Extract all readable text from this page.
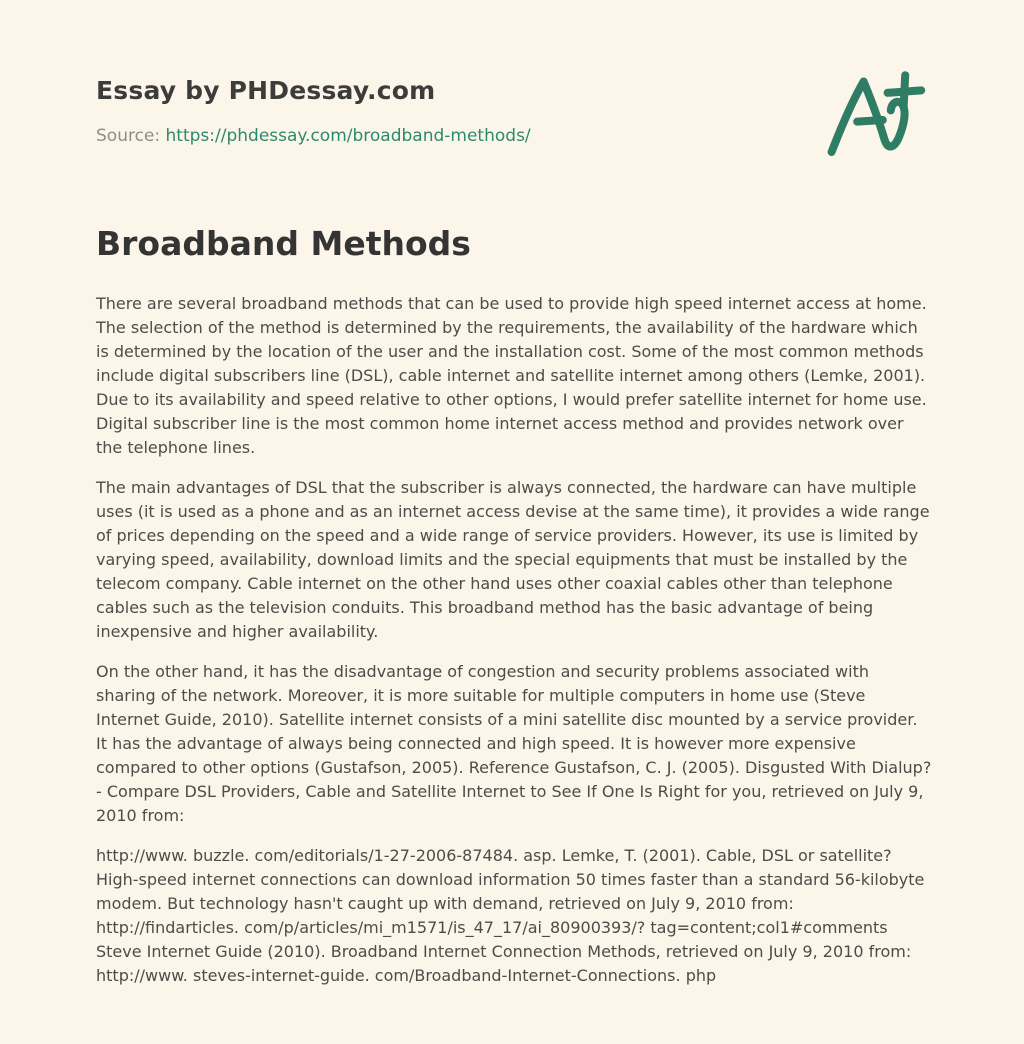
Essay by PHDessay.com
Source: https://phdessay.com/broadband-methods/
Broadband Methods

There are several broadband methods that can be used to provide high speed internet access at home. The selection of the method is determined by the requirements, the availability of the hardware which is determined by the location of the user and the installation cost. Some of the most common methods include digital subscribers line (DSL), cable internet and satellite internet among others (Lemke, 2001). Due to its availability and speed relative to other options, I would prefer satellite internet for home use. Digital subscriber line is the most common home internet access method and provides network over the telephone lines.

The main advantages of DSL that the subscriber is always connected, the hardware can have multiple uses (it is used as a phone and as an internet access devise at the same time), it provides a wide range of prices depending on the speed and a wide range of service providers. However, its use is limited by varying speed, availability, download limits and the special equipments that must be installed by the telecom company. Cable internet on the other hand uses other coaxial cables other than telephone cables such as the television conduits. This broadband method has the basic advantage of being inexpensive and higher availability.

On the other hand, it has the disadvantage of congestion and security problems associated with sharing of the network. Moreover, it is more suitable for multiple computers in home use (Steve Internet Guide, 2010). Satellite internet consists of a mini satellite disc mounted by a service provider. It has the advantage of always being connected and high speed. It is however more expensive compared to other options (Gustafson, 2005). Reference Gustafson, C. J. (2005). Disgusted With Dialup? - Compare DSL Providers, Cable and Satellite Internet to See If One Is Right for you, retrieved on July 9, 2010 from:

http://www. buzzle. com/editorials/1-27-2006-87484. asp. Lemke, T. (2001). Cable, DSL or satellite? High-speed internet connections can download information 50 times faster than a standard 56-kilobyte modem. But technology hasn't caught up with demand, retrieved on July 9, 2010 from: http://findarticles. com/p/articles/mi_m1571/is_47_17/ai_80900393/? tag=content;col1#comments Steve Internet Guide (2010). Broadband Internet Connection Methods, retrieved on July 9, 2010 from: http://www. steves-internet-guide. com/Broadband-Internet-Connections. php
